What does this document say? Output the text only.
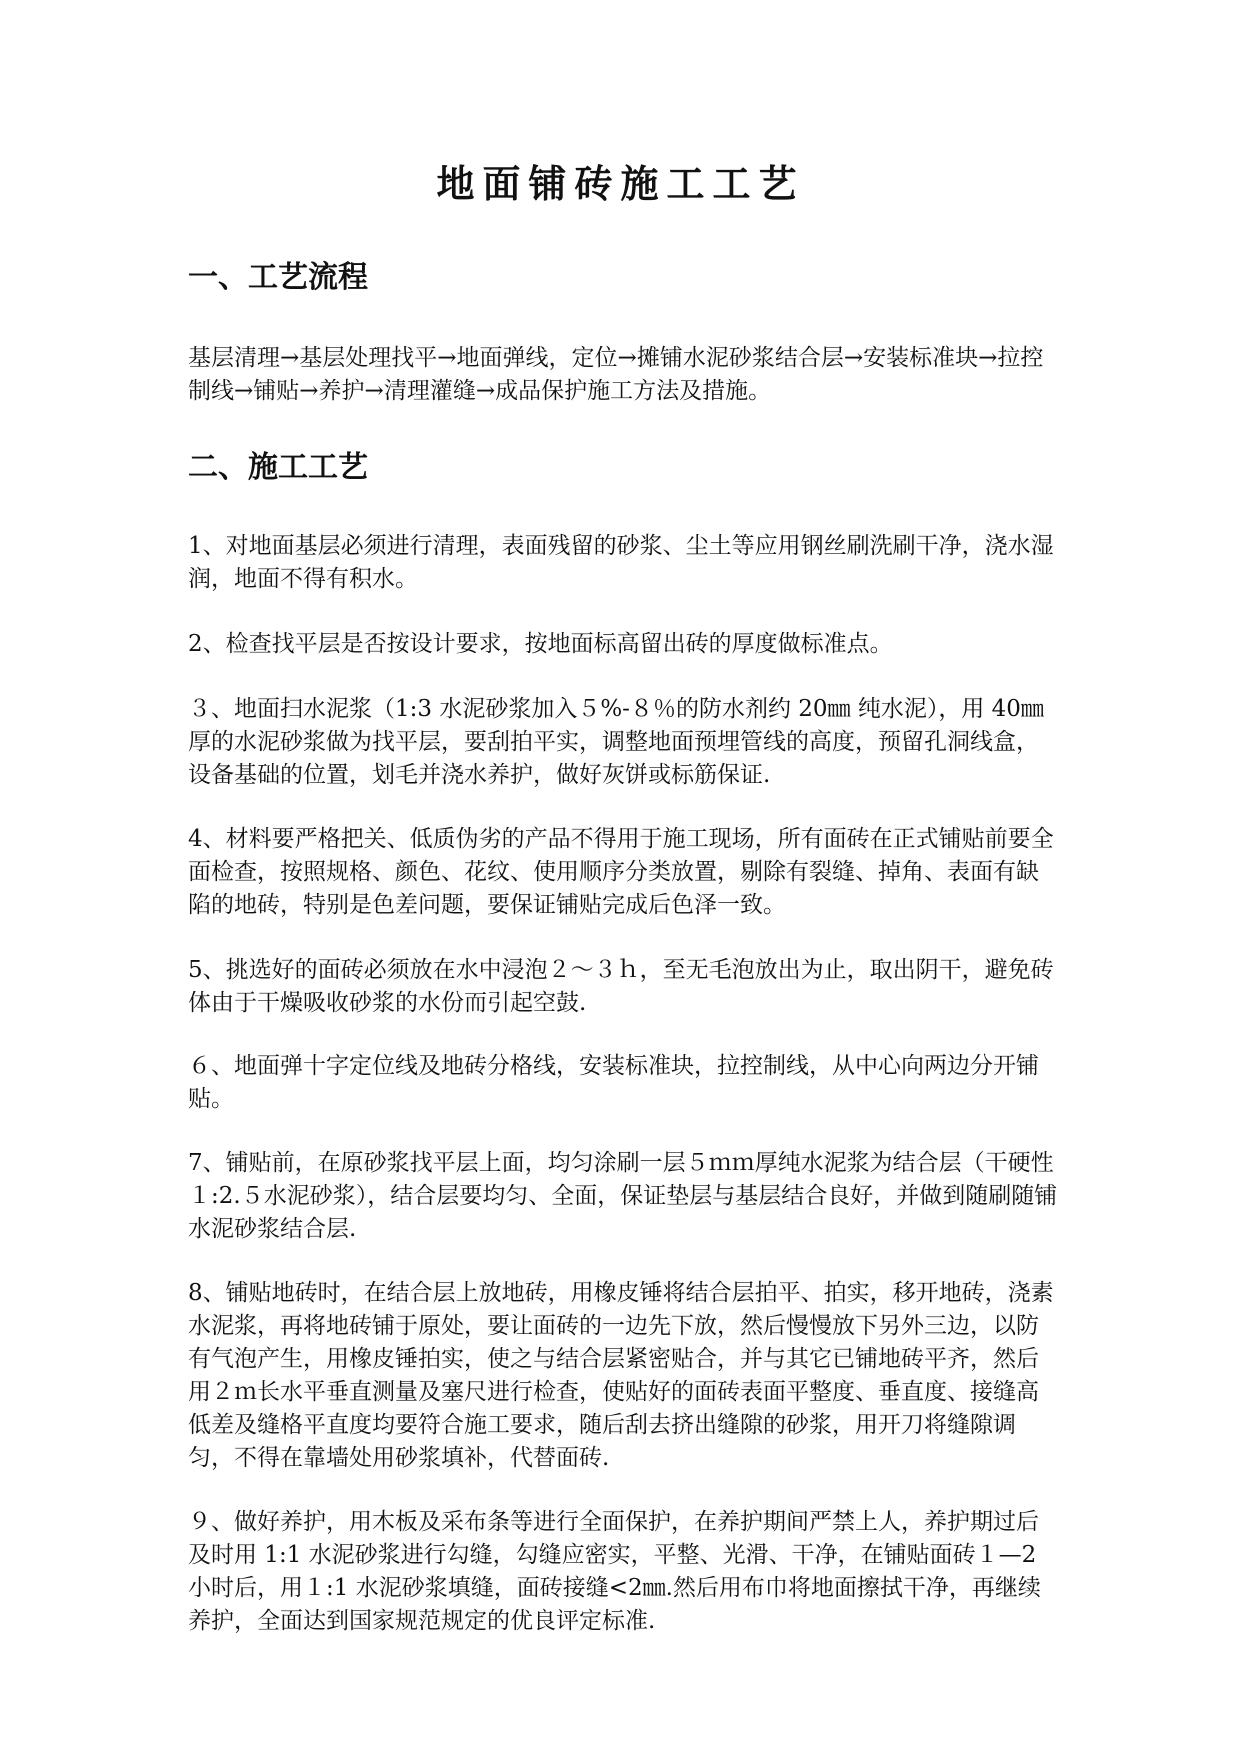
地面铺砖施工工艺
一、工艺流程

基层清理→基层处理找平→地面弹线，定位→摊铺水泥砂浆结合层→安装标准块→拉控制线→铺贴→养护→清理灌缝→成品保护施工方法及措施。

二、施工工艺

1、对地面基层必须进行清理，表面残留的砂浆、尘土等应用钢丝刷洗刷干净，浇水湿润，地面不得有积水。

2、检查找平层是否按设计要求，按地面标高留出砖的厚度做标准点。

３、地面扫水泥浆（1:3 水泥砂浆加入５%-８％的防水剂约 20㎜ 纯水泥），用 40㎜ 厚的水泥砂浆做为找平层，要刮拍平实，调整地面预埋管线的高度，预留孔洞线盒，设备基础的位置，划毛并浇水养护，做好灰饼或标筋保证.

4、材料要严格把关、低质伪劣的产品不得用于施工现场，所有面砖在正式铺贴前要全面检查，按照规格、颜色、花纹、使用顺序分类放置，剔除有裂缝、掉角、表面有缺陷的地砖，特别是色差问题，要保证铺贴完成后色泽一致。

5、挑选好的面砖必须放在水中浸泡２～３ｈ，至无毛泡放出为止，取出阴干，避免砖体由于干燥吸收砂浆的水份而引起空鼓.

６、地面弹十字定位线及地砖分格线，安装标准块，拉控制线，从中心向两边分开铺贴。

7、铺贴前，在原砂浆找平层上面，均匀涂刷一层５ｍｍ厚纯水泥浆为结合层（干硬性１:2.５水泥砂浆），结合层要均匀、全面，保证垫层与基层结合良好，并做到随刷随铺水泥砂浆结合层.

8、铺贴地砖时，在结合层上放地砖，用橡皮锤将结合层拍平、拍实，移开地砖，浇素水泥浆，再将地砖铺于原处，要让面砖的一边先下放，然后慢慢放下另外三边，以防有气泡产生，用橡皮锤拍实，使之与结合层紧密贴合，并与其它已铺地砖平齐，然后用２ｍ长水平垂直测量及塞尺进行检查，使贴好的面砖表面平整度、垂直度、接缝高低差及缝格平直度均要符合施工要求，随后刮去挤出缝隙的砂浆，用开刀将缝隙调匀，不得在靠墙处用砂浆填补，代替面砖.

９、做好养护，用木板及采布条等进行全面保护，在养护期间严禁上人，养护期过后及时用 1:1 水泥砂浆进行勾缝，勾缝应密实，平整、光滑、干净，在铺贴面砖１—2 小时后，用１:1 水泥砂浆填缝，面砖接缝<2㎜.然后用布巾将地面擦拭干净，再继续养护，全面达到国家规范规定的优良评定标准.
